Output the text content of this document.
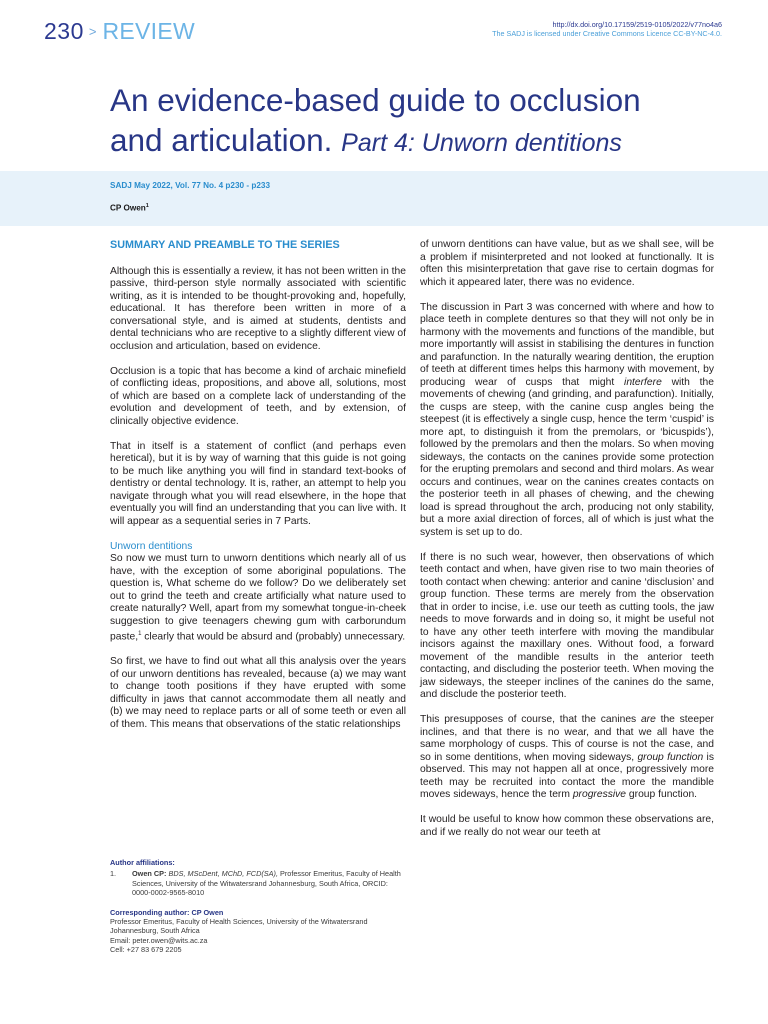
230 > REVIEW	http://dx.doi.org/10.17159/2519-0105/2022/v77no4a6
The SADJ is licensed under Creative Commons Licence CC-BY-NC-4.0.
An evidence-based guide to occlusion
and articulation. Part 4: Unworn dentitions
SADJ May 2022, Vol. 77 No. 4 p230 - p233
CP Owen$^1$
SUMMARY AND PREAMBLE TO THE SERIES

Although this is essentially a review, it has not been written in the passive, third-person style normally associated with scientific writing, as it is intended to be thought-provoking and, hopefully, educational. It has therefore been written in more of a conversational style, and is aimed at students, dentists and dental technicians who are receptive to a slightly different view of occlusion and articulation, based on evidence.

Occlusion is a topic that has become a kind of archaic minefield of conflicting ideas, propositions, and above all, solutions, most of which are based on a complete lack of understanding of the evolution and development of teeth, and by extension, of clinically objective evidence.

That in itself is a statement of conflict (and perhaps even heretical), but it is by way of warning that this guide is not going to be much like anything you will find in standard text-books of dentistry or dental technology. It is, rather, an attempt to help you navigate through what you will read elsewhere, in the hope that eventually you will find an understanding that you can live with. It will appear as a sequential series in 7 Parts.

Unworn dentitions

So now we must turn to unworn dentitions which nearly all of us have, with the exception of some aboriginal populations. The question is, What scheme do we follow? Do we deliberately set out to grind the teeth and create artificially what nature used to create naturally? Well, apart from my somewhat tongue-in-cheek suggestion to give teenagers chewing gum with carborundum paste,$^1$ clearly that would be absurd and (probably) unnecessary.

So first, we have to find out what all this analysis over the years of our unworn dentitions has revealed, because (a) we may want to change tooth positions if they have erupted with some difficulty in jaws that cannot accommodate them all neatly and (b) we may need to replace parts or all of some teeth or even all of them. This means that observations of the static relationships

Author affiliations:
1.	Owen CP: BDS, MScDent, MChD, FCD(SA), Professor Emeritus, Faculty of Health Sciences, University of the Witwatersrand Johannesburg, South Africa, ORCID: 0000-0002-9565-8010
Corresponding author: CP Owen
Professor Emeritus, Faculty of Health Sciences, University of the Witwatersrand Johannesburg, South Africa
Email: peter.owen@wits.ac.za
Cell: +27 83 679 2205

of unworn dentitions can have value, but as we shall see, will be a problem if misinterpreted and not looked at functionally. It is often this misinterpretation that gave rise to certain dogmas for which it appeared later, there was no evidence.

The discussion in Part 3 was concerned with where and how to place teeth in complete dentures so that they will not only be in harmony with the movements and functions of the mandible, but more importantly will assist in stabilising the dentures in function and parafunction. In the naturally wearing dentition, the eruption of teeth at different times helps this harmony with movement, by producing wear of cusps that might interfere with the movements of chewing (and grinding, and parafunction). Initially, the cusps are steep, with the canine cusp angles being the steepest (it is effectively a single cusp, hence the term ‘cuspid’ is more apt, to distinguish it from the premolars, or ‘bicuspids’), followed by the premolars and then the molars. So when moving sideways, the contacts on the canines provide some protection for the erupting premolars and second and third molars. As wear occurs and continues, wear on the canines creates contacts on the posterior teeth in all phases of chewing, and the chewing load is spread throughout the arch, producing not only stability, but a more axial direction of forces, all of which is just what the system is set up to do.

If there is no such wear, however, then observations of which teeth contact and when, have given rise to two main theories of tooth contact when chewing: anterior and canine ‘disclusion’ and group function. These terms are merely from the observation that in order to incise, i.e. use our teeth as cutting tools, the jaw needs to move forwards and in doing so, it might be useful not to have any other teeth interfere with moving the mandibular incisors against the maxillary ones. Without food, a forward movement of the mandible results in the anterior teeth contacting, and discluding the posterior teeth. When moving the jaw sideways, the steeper inclines of the canines do the same, and disclude the posterior teeth.

This presupposes of course, that the canines are the steeper inclines, and that there is no wear, and that we all have the same morphology of cusps. This of course is not the case, and so in some dentitions, when moving sideways, group function is observed. This may not happen all at once, progressively more teeth may be recruited into contact the more the mandible moves sideways, hence the term progressive group function.

It would be useful to know how common these observations are, and if we really do not wear our teeth at
